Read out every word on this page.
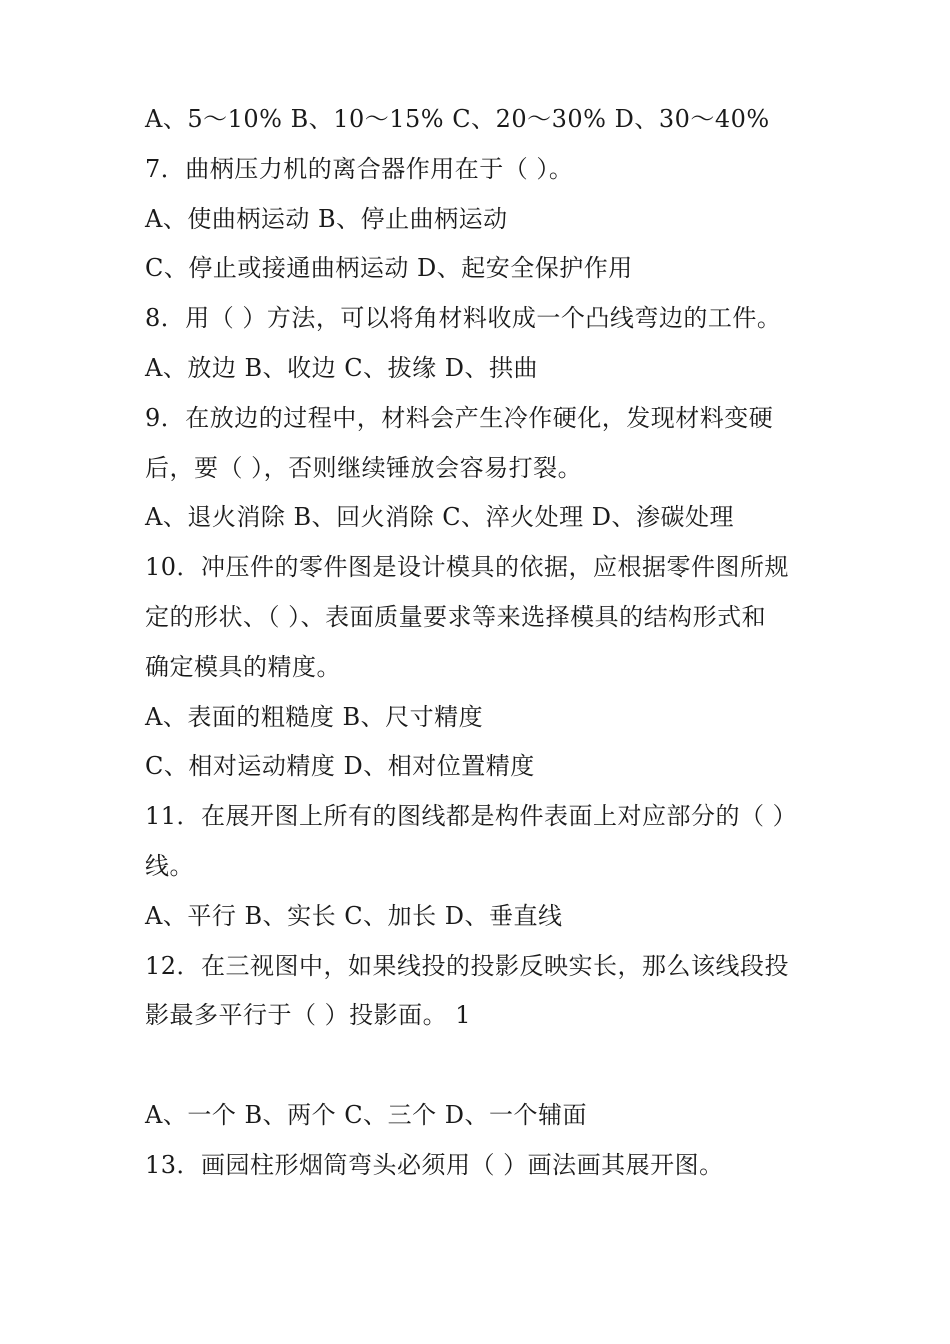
A、5～10% B、10～15% C、20～30% D、30～40%
7．曲柄压力机的离合器作用在于（ ）。
A、使曲柄运动 B、停止曲柄运动
C、停止或接通曲柄运动 D、起安全保护作用
8．用（ ）方法，可以将角材料收成一个凸线弯边的工件。
A、放边 B、收边 C、拔缘 D、拱曲
9．在放边的过程中，材料会产生冷作硬化，发现材料变硬
后，要（ ），否则继续锤放会容易打裂。
A、退火消除 B、回火消除 C、淬火处理 D、渗碳处理
10．冲压件的零件图是设计模具的依据，应根据零件图所规
定的形状、（ ）、表面质量要求等来选择模具的结构形式和
确定模具的精度。
A、表面的粗糙度 B、尺寸精度
C、相对运动精度 D、相对位置精度
11．在展开图上所有的图线都是构件表面上对应部分的（ ）
线。
A、平行 B、实长 C、加长 D、垂直线
12．在三视图中，如果线投的投影反映实长，那么该线段投
影最多平行于（ ）投影面。 1
A、一个 B、两个 C、三个 D、一个辅面
13．画园柱形烟筒弯头必须用（ ）画法画其展开图。
